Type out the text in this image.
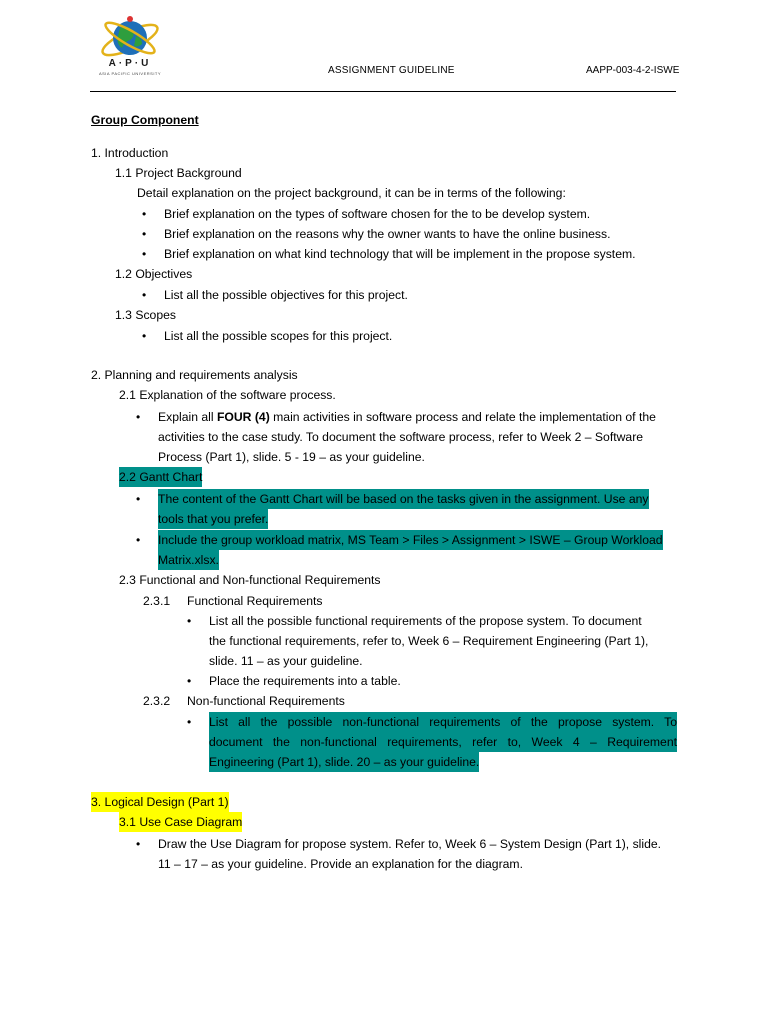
A·P·U
ASIA PACIFIC UNIVERSITY	ASSIGNMENT GUIDELINE	AAPP-003-4-2-ISWE
Group Component
1. Introduction
1.1 Project Background
Detail explanation on the project background, it can be in terms of the following:
• Brief explanation on the types of software chosen for the to be develop system.
• Brief explanation on the reasons why the owner wants to have the online business.
• Brief explanation on what kind technology that will be implement in the propose system.
1.2 Objectives
• List all the possible objectives for this project.
1.3 Scopes
• List all the possible scopes for this project.
2. Planning and requirements analysis
2.1 Explanation of the software process.
• Explain all FOUR (4) main activities in software process and relate the implementation of the
activities to the case study. To document the software process, refer to Week 2 – Software
Process (Part 1), slide. 5 - 19 – as your guideline.
2.2 Gantt Chart
• The content of the Gantt Chart will be based on the tasks given in the assignment. Use any
tools that you prefer.
• Include the group workload matrix, MS Team > Files > Assignment > ISWE – Group Workload
Matrix.xlsx.
2.3 Functional and Non-functional Requirements
2.3.1 Functional Requirements
• List all the possible functional requirements of the propose system. To document
the functional requirements, refer to, Week 6 – Requirement Engineering (Part 1),
slide. 11 – as your guideline.
• Place the requirements into a table.
2.3.2 Non-functional Requirements
• List all the possible non-functional requirements of the propose system. To
document the non-functional requirements, refer to, Week 4 – Requirement
Engineering (Part 1), slide. 20 – as your guideline.
3. Logical Design (Part 1)
3.1 Use Case Diagram
• Draw the Use Diagram for propose system. Refer to, Week 6 – System Design (Part 1), slide.
11 – 17 – as your guideline. Provide an explanation for the diagram.
